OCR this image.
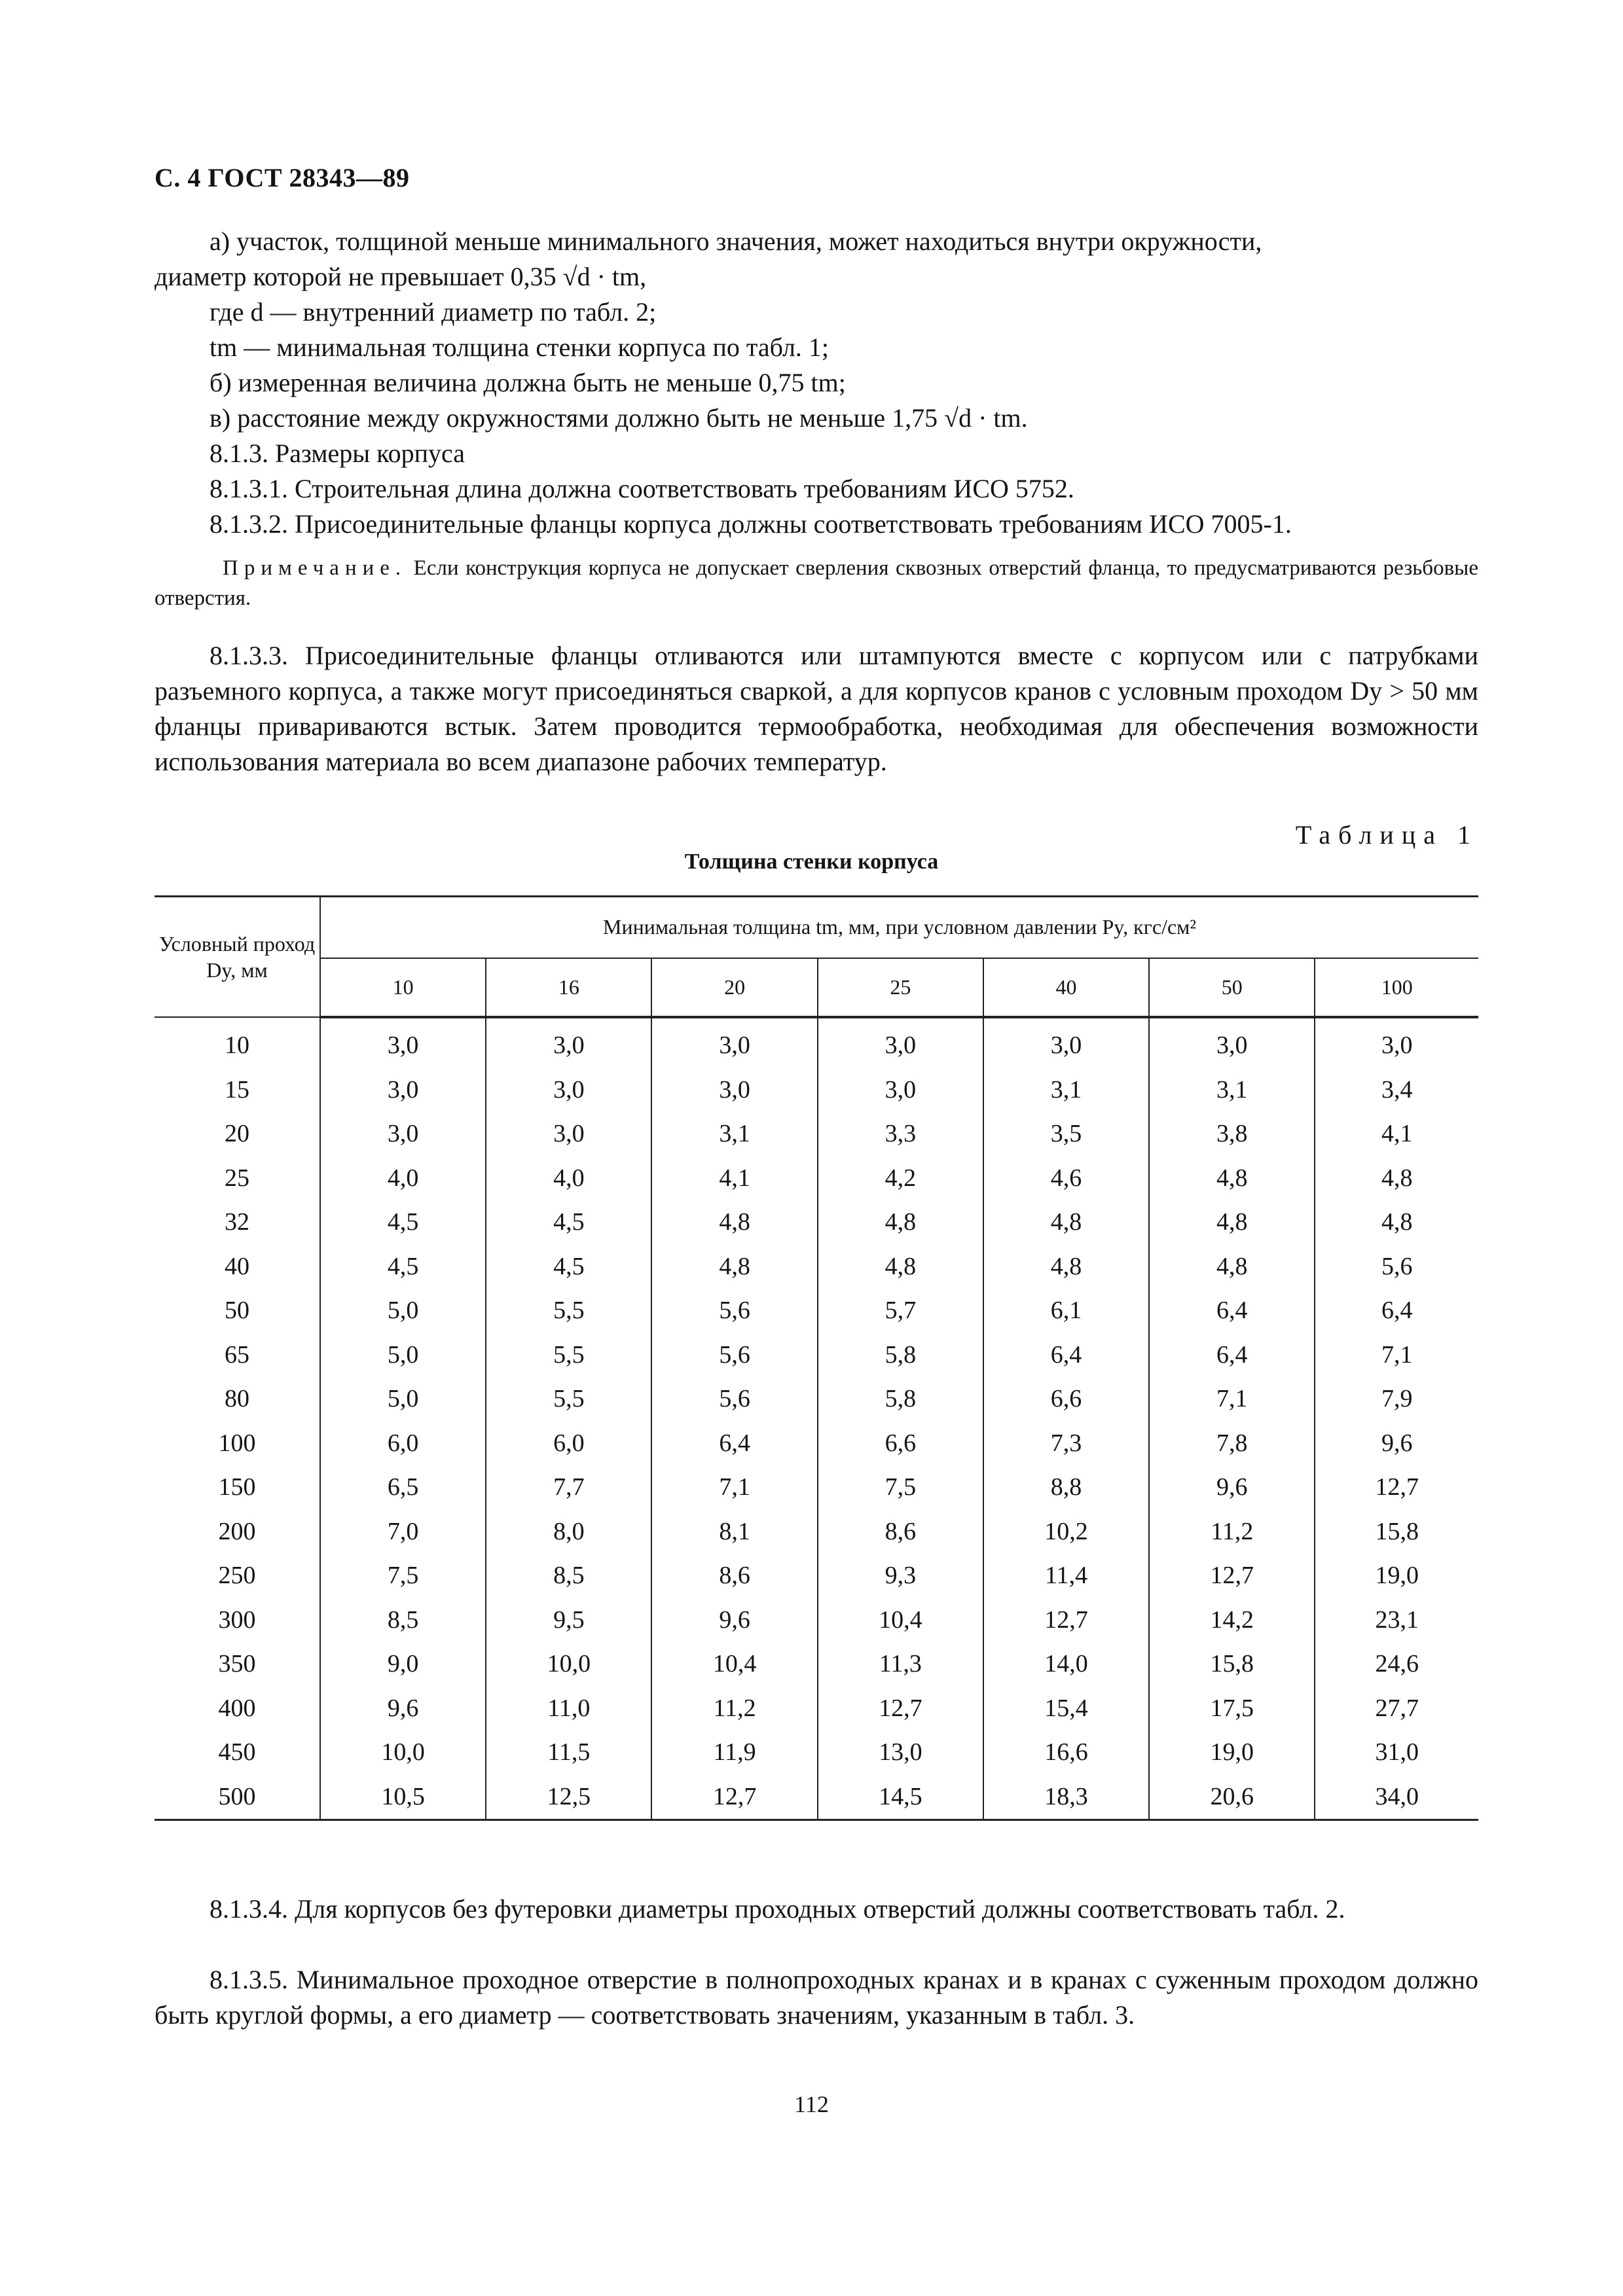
С. 4 ГОСТ 28343—89
а) участок, толщиной меньше минимального значения, может находиться внутри окружности,
диаметр которой не превышает 0,35 √d · tm,
где d — внутренний диаметр по табл. 2;
tm — минимальная толщина стенки корпуса по табл. 1;
б) измеренная величина должна быть не меньше 0,75 tm;
в) расстояние между окружностями должно быть не меньше 1,75 √d · tm.
8.1.3. Размеры корпуса
8.1.3.1. Строительная длина должна соответствовать требованиям ИСО 5752.
8.1.3.2. Присоединительные фланцы корпуса должны соответствовать требованиям ИСО 7005-1.
Примечание. Если конструкция корпуса не допускает сверления сквозных отверстий фланца, то предусматриваются резьбовые отверстия.
8.1.3.3. Присоединительные фланцы отливаются или штампуются вместе с корпусом или с патрубками разъемного корпуса, а также могут присоединяться сваркой, а для корпусов кранов с условным проходом Dy > 50 мм фланцы привариваются встык. Затем проводится термообработка, необходимая для обеспечения возможности использования материала во всем диапазоне рабочих температур.
Таблица 1
Толщина стенки корпуса
Условный проход Dy, мм	Минимальная толщина tm, мм, при условном давлении Py, кгс/см²						
	10	16	20	25	40	50	100
10	3,0	3,0	3,0	3,0	3,0	3,0	3,0
15	3,0	3,0	3,0	3,0	3,1	3,1	3,4
20	3,0	3,0	3,1	3,3	3,5	3,8	4,1
25	4,0	4,0	4,1	4,2	4,6	4,8	4,8
32	4,5	4,5	4,8	4,8	4,8	4,8	4,8
40	4,5	4,5	4,8	4,8	4,8	4,8	5,6
50	5,0	5,5	5,6	5,7	6,1	6,4	6,4
65	5,0	5,5	5,6	5,8	6,4	6,4	7,1
80	5,0	5,5	5,6	5,8	6,6	7,1	7,9
100	6,0	6,0	6,4	6,6	7,3	7,8	9,6
150	6,5	7,7	7,1	7,5	8,8	9,6	12,7
200	7,0	8,0	8,1	8,6	10,2	11,2	15,8
250	7,5	8,5	8,6	9,3	11,4	12,7	19,0
300	8,5	9,5	9,6	10,4	12,7	14,2	23,1
350	9,0	10,0	10,4	11,3	14,0	15,8	24,6
400	9,6	11,0	11,2	12,7	15,4	17,5	27,7
450	10,0	11,5	11,9	13,0	16,6	19,0	31,0
500	10,5	12,5	12,7	14,5	18,3	20,6	34,0
8.1.3.4. Для корпусов без футеровки диаметры проходных отверстий должны соответствовать табл. 2.
8.1.3.5. Минимальное проходное отверстие в полнопроходных кранах и в кранах с суженным проходом должно быть круглой формы, а его диаметр — соответствовать значениям, указанным в табл. 3.
112
